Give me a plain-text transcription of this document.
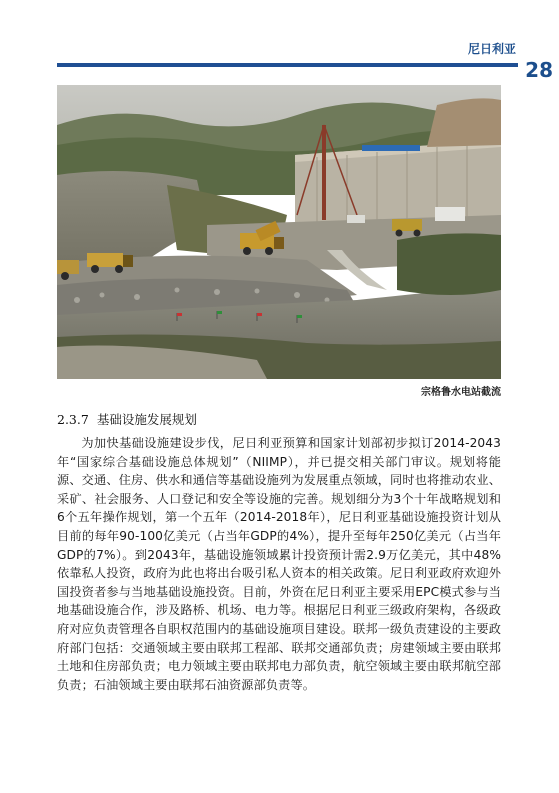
尼日利亚
28
宗格鲁水电站截流
2.3.7 基础设施发展规划

为加快基础设施建设步伐，尼日利亚预算和国家计划部初步拟订2014-2043年“国家综合基础设施总体规划”（NIIMP），并已提交相关部门审议。规划将能源、交通、住房、供水和通信等基础设施列为发展重点领域，同时也将推动农业、采矿、社会服务、人口登记和安全等设施的完善。规划细分为3个十年战略规划和6个五年操作规划，第一个五年（2014-2018年），尼日利亚基础设施投资计划从目前的每年90-100亿美元（占当年GDP的4%），提升至每年250亿美元（占当年GDP的7%）。到2043年，基础设施领域累计投资预计需2.9万亿美元，其中48%依靠私人投资，政府为此也将出台吸引私人资本的相关政策。尼日利亚政府欢迎外国投资者参与当地基础设施投资。目前，外资在尼日利亚主要采用EPC模式参与当地基础设施合作，涉及路桥、机场、电力等。根据尼日利亚三级政府架构，各级政府对应负责管理各自职权范围内的基础设施项目建设。联邦一级负责建设的主要政府部门包括：交通领域主要由联邦工程部、联邦交通部负责；房建领域主要由联邦土地和住房部负责；电力领域主要由联邦电力部负责，航空领域主要由联邦航空部负责；石油领域主要由联邦石油资源部负责等。
